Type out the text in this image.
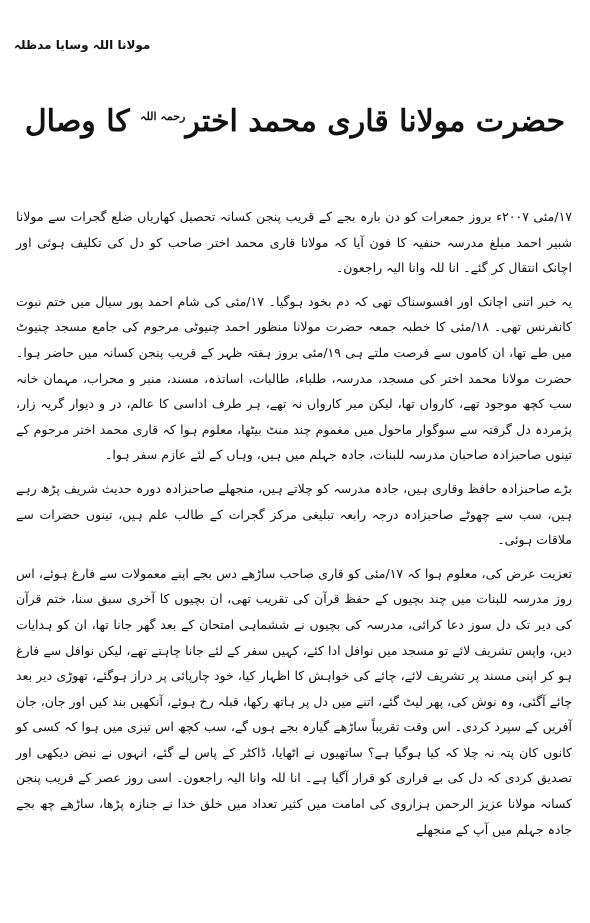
مولانا اللہ وسایا مدظلہ
حضرت مولانا قاری محمد اختر$^{رحمہ اللہ}$ کا وصال

۱۷/مئی ۲۰۰۷ء بروز جمعرات کو دن بارہ بجے کے قریب پنجن کسانہ تحصیل کھاریاں ضلع گجرات سے مولانا شبیر احمد مبلغ مدرسہ حنفیہ کا فون آیا کہ مولانا قاری محمد اختر صاحب کو دل کی تکلیف ہوئی اور اچانک انتقال کر گئے۔ انا للہ وانا الیہ راجعون۔

یہ خبر اتنی اچانک اور افسوسناک تھی کہ دم بخود ہوگیا۔ ۱۷/مئی کی شام احمد پور سیال میں ختم نبوت کانفرنس تھی۔ ۱۸/مئی کا خطبہ جمعہ حضرت مولانا منظور احمد چنیوٹی مرحوم کی جامع مسجد چنیوٹ میں طے تھا، ان کاموں سے فرصت ملتے ہی ۱۹/مئی بروز ہفتہ ظہر کے قریب پنجن کسانہ میں حاضر ہوا۔ حضرت مولانا محمد اختر کی مسجد، مدرسہ، طلباء، طالبات، اساتذہ، مسند، منبر و محراب، مہمان خانہ سب کچھ موجود تھے، کارواں تھا، لیکن میر کارواں نہ تھے، ہر طرف اداسی کا عالم، در و دیوار گریہ زار، پژمردہ دل گرفتہ سے سوگوار ماحول میں مغموم چند منٹ بیٹھا، معلوم ہوا کہ قاری محمد اختر مرحوم کے تینوں صاحبزادہ صاحبان مدرسہ للبنات، جادہ جہلم میں ہیں، وہاں کے لئے عازم سفر ہوا۔

بڑے صاحبزادہ حافظ وقاری ہیں، جادہ مدرسہ کو چلاتے ہیں، منجھلے صاحبزادہ دورہ حدیث شریف پڑھ رہے ہیں، سب سے چھوٹے صاحبزادہ درجہ رابعہ تبلیغی مرکز گجرات کے طالب علم ہیں، تینوں حضرات سے ملاقات ہوئی۔

تعزیت عرض کی، معلوم ہوا کہ ۱۷/مئی کو قاری صاحب ساڑھے دس بجے اپنے معمولات سے فارغ ہوئے، اس روز مدرسہ للبنات میں چند بچیوں کے حفظ قرآن کی تقریب تھی، ان بچیوں کا آخری سبق سنا، ختم قرآن کی دیر تک دل سوز دعا کرائی، مدرسہ کی بچیوں نے ششماہی امتحان کے بعد گھر جانا تھا، ان کو ہدایات دیں، واپس تشریف لائے تو مسجد میں نوافل ادا کئے، کہیں سفر کے لئے جانا چاہتے تھے، لیکن نوافل سے فارغ ہو کر اپنی مسند پر تشریف لائے، چائے کی خواہش کا اظہار کیا، خود چارپائی پر دراز ہوگئے، تھوڑی دیر بعد چائے آگئی، وہ نوش کی، پھر لیٹ گئے، اتنے میں دل پر ہاتھ رکھا، قبلہ رخ ہوئے، آنکھیں بند کیں اور جان، جان آفریں کے سپرد کردی۔ اس وقت تقریباً ساڑھے گیارہ بجے ہوں گے، سب کچھ اس تیزی میں ہوا کہ کسی کو کانوں کان پتہ نہ چلا کہ کیا ہوگیا ہے؟ ساتھیوں نے اٹھایا، ڈاکٹر کے پاس لے گئے، انہوں نے نبض دیکھی اور تصدیق کردی کہ دل کی بے قراری کو قرار آگیا ہے۔ انا للہ وانا الیہ راجعون۔ اسی روز عصر کے قریب پنجن کسانہ مولانا عزیز الرحمن ہزاروی کی امامت میں کثیر تعداد میں خلق خدا نے جنازہ پڑھا، ساڑھے چھ بجے جادہ جہلم میں آپ کے منجھلے
